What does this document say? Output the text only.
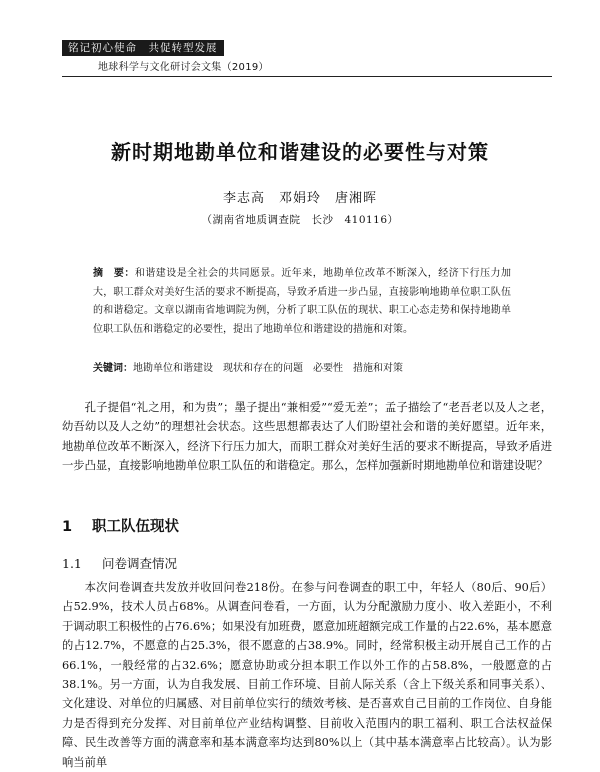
铭记初心使命　共促转型发展
地球科学与文化研讨会文集（2019）
新时期地勘单位和谐建设的必要性与对策
李志高　邓娟玲　唐湘晖
（湖南省地质调查院　长沙　410116）
摘　要：和谐建设是全社会的共同愿景。近年来，地勘单位改革不断深入，经济下行压力加大，职工群众对美好生活的要求不断提高，导致矛盾进一步凸显，直接影响地勘单位职工队伍的和谐稳定。文章以湖南省地调院为例，分析了职工队伍的现状、职工心态走势和保持地勘单位职工队伍和谐稳定的必要性，提出了地勘单位和谐建设的措施和对策。
关键词：地勘单位和谐建设　现状和存在的问题　必要性　措施和对策
孔子提倡“礼之用，和为贵”；墨子提出“兼相爱”“爱无差”；孟子描绘了“老吾老以及人之老，幼吾幼以及人之幼”的理想社会状态。这些思想都表达了人们盼望社会和谐的美好愿望。近年来，地勘单位改革不断深入，经济下行压力加大，而职工群众对美好生活的要求不断提高，导致矛盾进一步凸显，直接影响地勘单位职工队伍的和谐稳定。那么，怎样加强新时期地勘单位和谐建设呢？
1 职工队伍现状
1.1 问卷调查情况
本次问卷调查共发放并收回问卷218份。在参与问卷调查的职工中，年轻人（80后、90后）占52.9%，技术人员占68%。从调查问卷看，一方面，认为分配激励力度小、收入差距小，不利于调动职工积极性的占76.6%；如果没有加班费，愿意加班超额完成工作量的占22.6%，基本愿意的占12.7%，不愿意的占25.3%，很不愿意的占38.9%。同时，经常积极主动开展自己工作的占66.1%，一般经常的占32.6%；愿意协助或分担本职工作以外工作的占58.8%，一般愿意的占38.1%。另一方面，认为自我发展、目前工作环境、目前人际关系（含上下级关系和同事关系）、文化建设、对单位的归属感、对目前单位实行的绩效考核、是否喜欢自己目前的工作岗位、自身能力是否得到充分发挥、对目前单位产业结构调整、目前收入范围内的职工福利、职工合法权益保障、民生改善等方面的满意率和基本满意率均达到80%以上（其中基本满意率占比较高）。认为影响当前单
